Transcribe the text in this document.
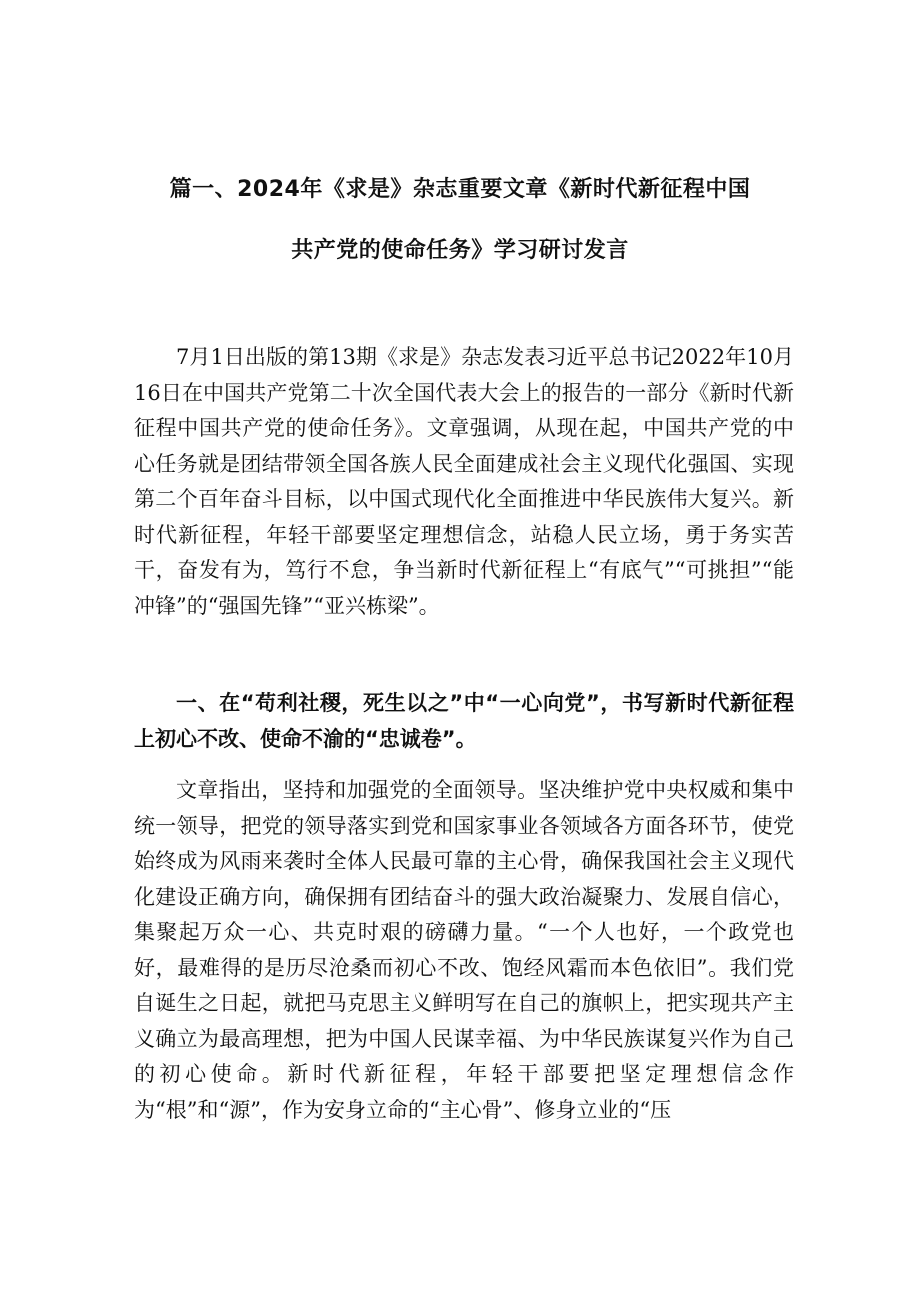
篇一、2024年《求是》杂志重要文章《新时代新征程中国
共产党的使命任务》学习研讨发言

7月1日出版的第13期《求是》杂志发表习近平总书记2022年10月16日在中国共产党第二十次全国代表大会上的报告的一部分《新时代新征程中国共产党的使命任务》。文章强调，从现在起，中国共产党的中心任务就是团结带领全国各族人民全面建成社会主义现代化强国、实现第二个百年奋斗目标，以中国式现代化全面推进中华民族伟大复兴。新时代新征程，年轻干部要坚定理想信念，站稳人民立场，勇于务实苦干，奋发有为，笃行不怠，争当新时代新征程上“有底气”“可挑担”“能冲锋”的“强国先锋”“亚兴栋梁”。

一、在“苟利社稷，死生以之”中“一心向党”，书写新时代新征程上初心不改、使命不渝的“忠诚卷”。

文章指出，坚持和加强党的全面领导。坚决维护党中央权威和集中统一领导，把党的领导落实到党和国家事业各领域各方面各环节，使党始终成为风雨来袭时全体人民最可靠的主心骨，确保我国社会主义现代化建设正确方向，确保拥有团结奋斗的强大政治凝聚力、发展自信心，集聚起万众一心、共克时艰的磅礴力量。“一个人也好，一个政党也好，最难得的是历尽沧桑而初心不改、饱经风霜而本色依旧”。我们党自诞生之日起，就把马克思主义鲜明写在自己的旗帜上，把实现共产主义确立为最高理想，把为中国人民谋幸福、为中华民族谋复兴作为自己的初心使命。新时代新征程，年轻干部要把坚定理想信念作为“根”和“源”，作为安身立命的“主心骨”、修身立业的“压
